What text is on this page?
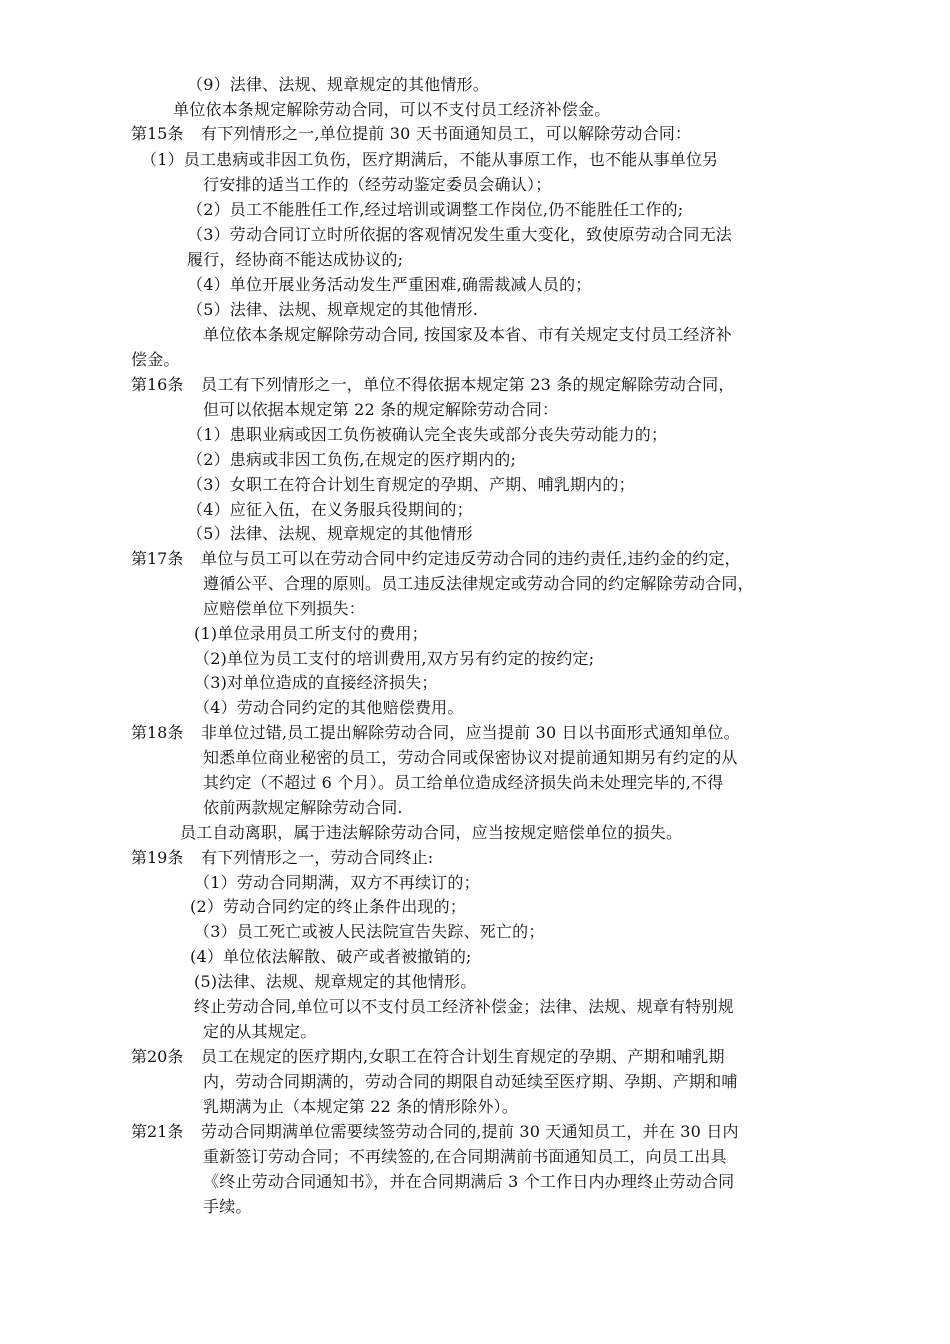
第15条
第16条
第17条
第18条
第19条
第20条
第21条
（9）法律、法规、规章规定的其他情形。
单位依本条规定解除劳动合同，可以不支付员工经济补偿金。
有下列情形之一,单位提前 30 天书面通知员工，可以解除劳动合同：
（1）员工患病或非因工负伤，医疗期满后，不能从事原工作，也不能从事单位另
行安排的适当工作的（经劳动鉴定委员会确认）；
（2）员工不能胜任工作,经过培训或调整工作岗位,仍不能胜任工作的;
（3）劳动合同订立时所依据的客观情况发生重大变化，致使原劳动合同无法
履行，经协商不能达成协议的;
（4）单位开展业务活动发生严重困难,确需裁减人员的；
（5）法律、法规、规章规定的其他情形.
单位依本条规定解除劳动合同, 按国家及本省、市有关规定支付员工经济补
偿金。
员工有下列情形之一，单位不得依据本规定第 23 条的规定解除劳动合同，
但可以依据本规定第 22 条的规定解除劳动合同：
（1）患职业病或因工负伤被确认完全丧失或部分丧失劳动能力的；
（2）患病或非因工负伤,在规定的医疗期内的;
（3）女职工在符合计划生育规定的孕期、产期、哺乳期内的；
（4）应征入伍，在义务服兵役期间的；
（5）法律、法规、规章规定的其他情形
单位与员工可以在劳动合同中约定违反劳动合同的违约责任,违约金的约定，
遵循公平、合理的原则。员工违反法律规定或劳动合同的约定解除劳动合同，
应赔偿单位下列损失：
(1)单位录用员工所支付的费用；
（2)单位为员工支付的培训费用,双方另有约定的按约定;
（3)对单位造成的直接经济损失；
（4）劳动合同约定的其他赔偿费用。
非单位过错,员工提出解除劳动合同，应当提前 30 日以书面形式通知单位。
知悉单位商业秘密的员工，劳动合同或保密协议对提前通知期另有约定的从
其约定（不超过 6 个月）。员工给单位造成经济损失尚未处理完毕的,不得
依前两款规定解除劳动合同.
员工自动离职，属于违法解除劳动合同，应当按规定赔偿单位的损失。
有下列情形之一，劳动合同终止:
（1）劳动合同期满，双方不再续订的；
(2）劳动合同约定的终止条件出现的；
（3）员工死亡或被人民法院宣告失踪、死亡的；
(4）单位依法解散、破产或者被撤销的;
(5)法律、法规、规章规定的其他情形。
终止劳动合同,单位可以不支付员工经济补偿金；法律、法规、规章有特别规
定的从其规定。
员工在规定的医疗期内,女职工在符合计划生育规定的孕期、产期和哺乳期
内，劳动合同期满的，劳动合同的期限自动延续至医疗期、孕期、产期和哺
乳期满为止（本规定第 22 条的情形除外）。
劳动合同期满单位需要续签劳动合同的,提前 30 天通知员工，并在 30 日内
重新签订劳动合同；不再续签的,在合同期满前书面通知员工，向员工出具
《终止劳动合同通知书》，并在合同期满后 3 个工作日内办理终止劳动合同
手续。
